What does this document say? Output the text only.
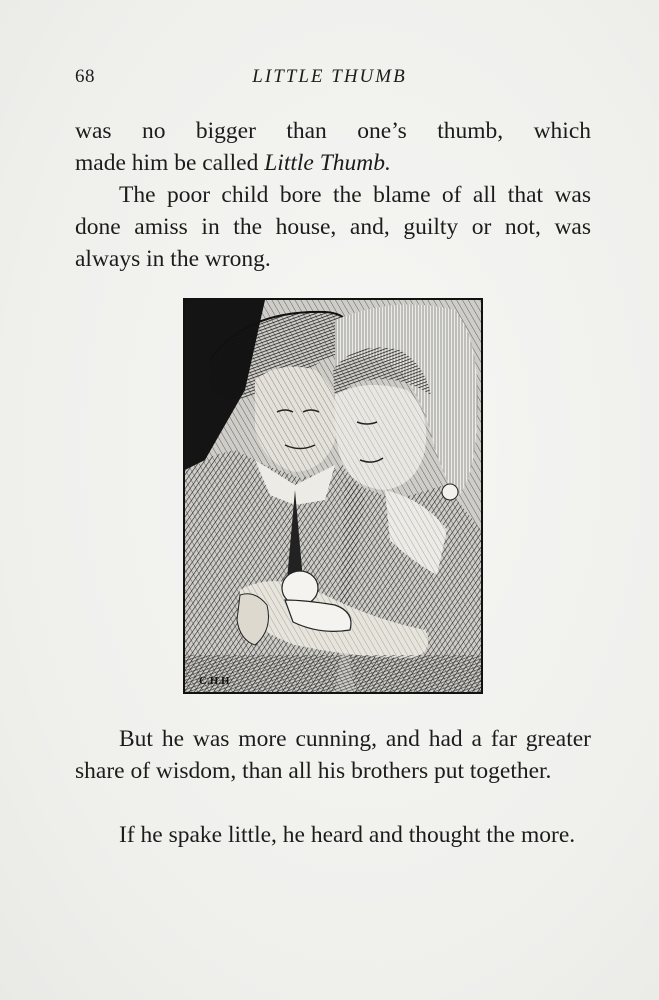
68	LITTLE THUMB

was no bigger than one’s thumb, which

made him be called Little Thumb.

The poor child bore the blame of all that was done amiss in the house, and, guilty or not, was always in the wrong.

C.H.H

But he was more cunning, and had a far greater share of wisdom, than all his brothers put together.

If he spake little, he heard and thought the more.
